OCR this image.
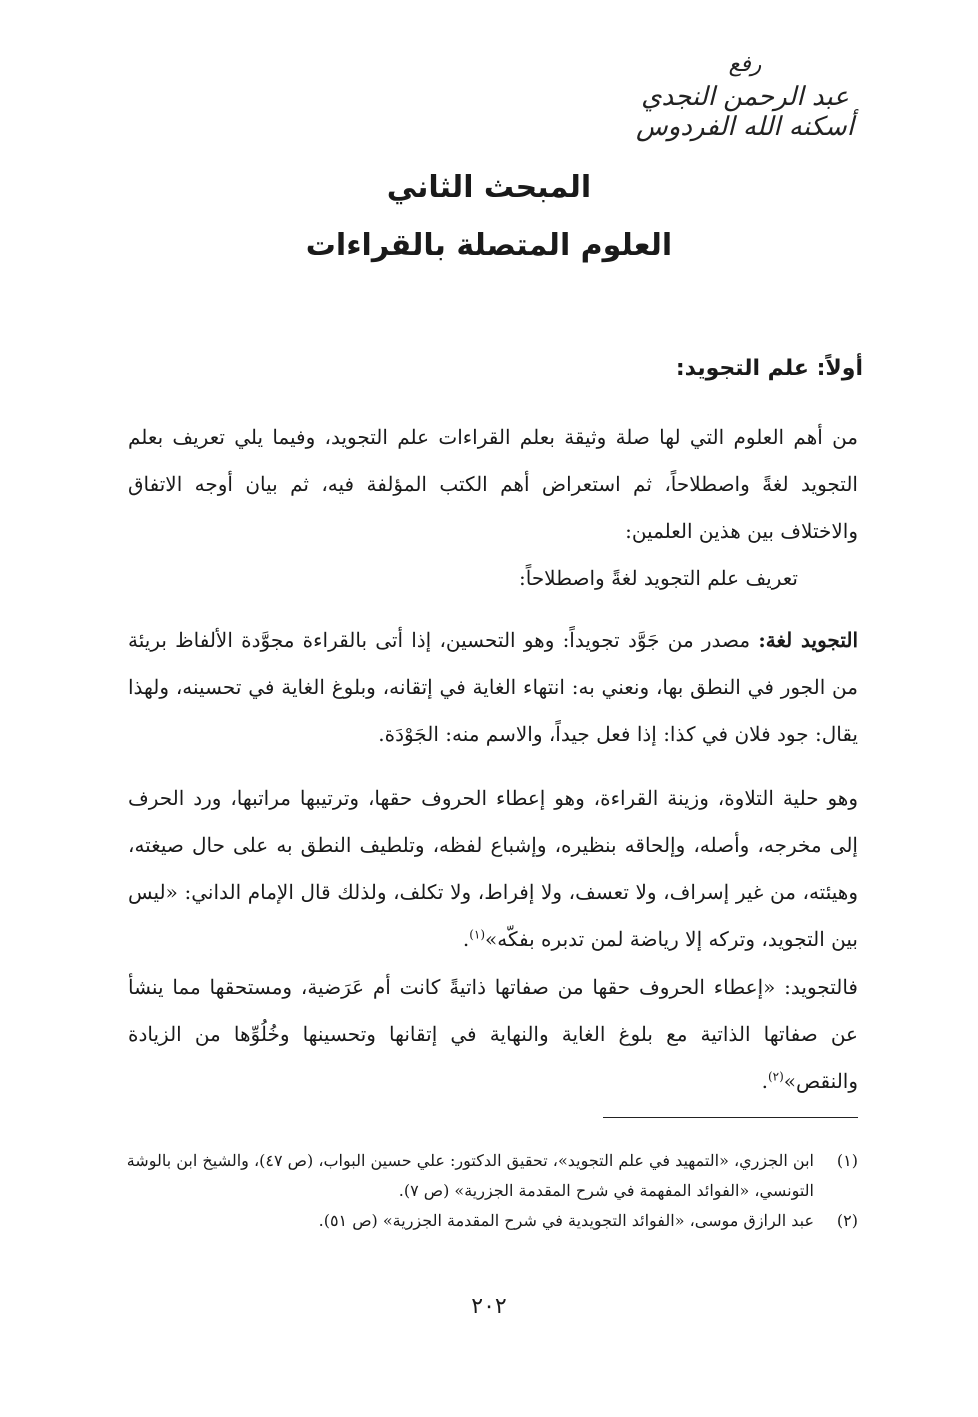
رفع
عبد الرحمن النجدي
أسكنه الله الفردوس
المبحث الثاني
العلوم المتصلة بالقراءات
أولاً: علم التجويد:

من أهم العلوم التي لها صلة وثيقة بعلم القراءات علم التجويد، وفيما يلي تعريف بعلم التجويد لغةً واصطلاحاً، ثم استعراض أهم الكتب المؤلفة فيه، ثم بيان أوجه الاتفاق والاختلاف بين هذين العلمين:

تعريف علم التجويد لغةً واصطلاحاً:

التجويد لغة: مصدر من جَوَّد تجويداً: وهو التحسين، إذا أتى بالقراءة مجوَّدة الألفاظ بريئة من الجور في النطق بها، ونعني به: انتهاء الغاية في إتقانه، وبلوغ الغاية في تحسينه، ولهذا يقال: جود فلان في كذا: إذا فعل جيداً، والاسم منه: الجَوْدَة.

وهو حلية التلاوة، وزينة القراءة، وهو إعطاء الحروف حقها، وترتيبها مراتبها، ورد الحرف إلى مخرجه، وأصله، وإلحاقه بنظيره، وإشباع لفظه، وتلطيف النطق به على حال صيغته، وهيئته، من غير إسراف، ولا تعسف، ولا إفراط، ولا تكلف، ولذلك قال الإمام الداني: «ليس بين التجويد، وتركه إلا رياضة لمن تدبره بفكّه»$^{(١)}$.

فالتجويد: «إعطاء الحروف حقها من صفاتها ذاتيةً كانت أم عَرَضية، ومستحقها مما ينشأ عن صفاتها الذاتية مع بلوغ الغاية والنهاية في إتقانها وتحسينها وخُلُوِّها من الزيادة والنقص»$^{(٢)}$.

(١)
ابن الجزري، «التمهيد في علم التجويد»، تحقيق الدكتور: علي حسين البواب، (ص ٤٧)، والشيخ ابن بالوشة التونسي، «الفوائد المفهمة في شرح المقدمة الجزرية» (ص ٧).
(٢)
عبد الرازق موسى، «الفوائد التجويدية في شرح المقدمة الجزرية» (ص ٥١).

٢٠٢
